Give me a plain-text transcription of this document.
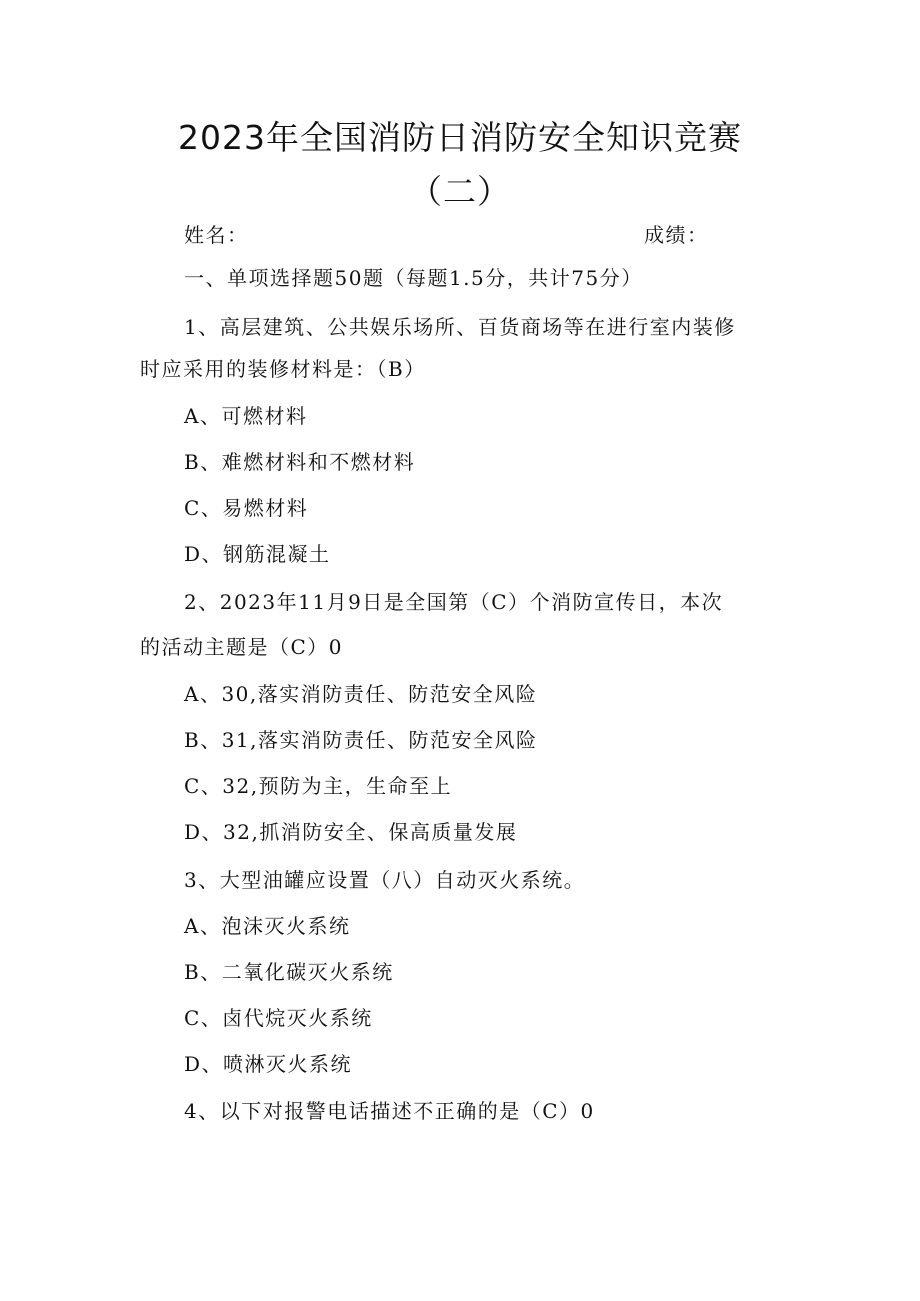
2023年全国消防日消防安全知识竞赛
（二）

姓名：	成绩：

一、单项选择题50题（每题1.5分，共计75分）

1、高层建筑、公共娱乐场所、百货商场等在进行室内装修

时应采用的装修材料是：（B）

A、可燃材料

B、难燃材料和不燃材料

C、易燃材料

D、钢筋混凝土

2、2023年11月9日是全国第（C）个消防宣传日，本次

的活动主题是（C）0

A、30,落实消防责任、防范安全风险

B、31,落实消防责任、防范安全风险

C、32,预防为主，生命至上

D、32,抓消防安全、保高质量发展

3、大型油罐应设置（八）自动灭火系统。

A、泡沫灭火系统

B、二氧化碳灭火系统

C、卤代烷灭火系统

D、喷淋灭火系统

4、以下对报警电话描述不正确的是（C）0
